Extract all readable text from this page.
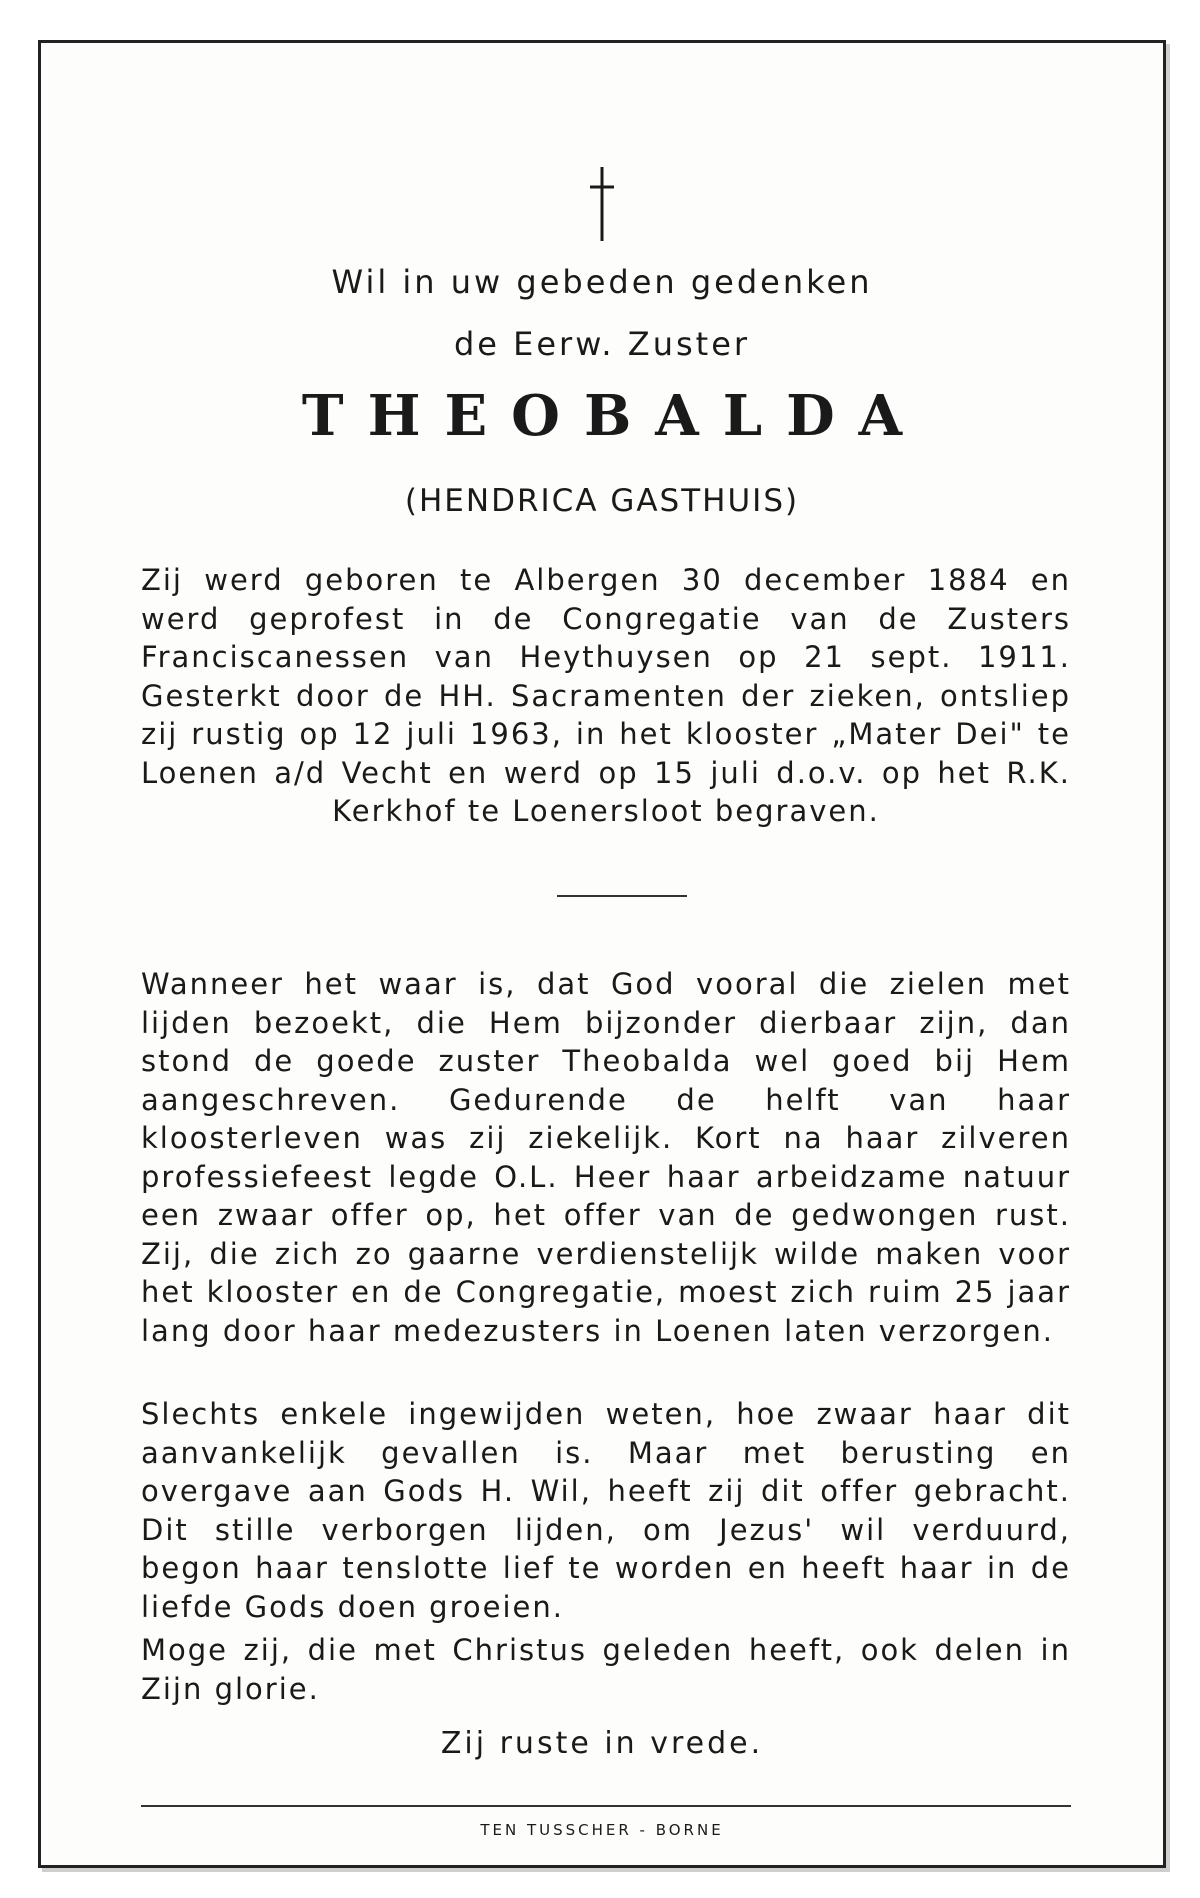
Wil in uw gebeden gedenken
de Eerw. Zuster
THEOBALDA
(HENDRICA GASTHUIS)
Zij werd geboren te Albergen 30 december 1884 en werd geprofest in de Congregatie van de Zusters Franciscanessen van Heythuysen op 21 sept. 1911. Gesterkt door de HH. Sacramenten der zieken, ontsliep zij rustig op 12 juli 1963, in het klooster „Mater Dei" te Loenen a/d Vecht en werd op 15 juli d.o.v. op het R.K. Kerkhof te Loenersloot begraven.

Wanneer het waar is, dat God vooral die zielen met lijden bezoekt, die Hem bijzonder dierbaar zijn, dan stond de goede zuster Theobalda wel goed bij Hem aangeschreven. Gedurende de helft van haar kloosterleven was zij ziekelijk. Kort na haar zilveren professiefeest legde O.L. Heer haar arbeidzame natuur een zwaar offer op, het offer van de gedwongen rust. Zij, die zich zo gaarne verdienstelijk wilde maken voor het klooster en de Congregatie, moest zich ruim 25 jaar lang door haar medezusters in Loenen laten verzorgen.

Slechts enkele ingewijden weten, hoe zwaar haar dit aanvankelijk gevallen is. Maar met berusting en overgave aan Gods H. Wil, heeft zij dit offer gebracht. Dit stille verborgen lijden, om Jezus' wil verduurd, begon haar tenslotte lief te worden en heeft haar in de liefde Gods doen groeien.

Moge zij, die met Christus geleden heeft, ook delen in Zijn glorie.

Zij ruste in vrede.
TEN TUSSCHER - BORNE
